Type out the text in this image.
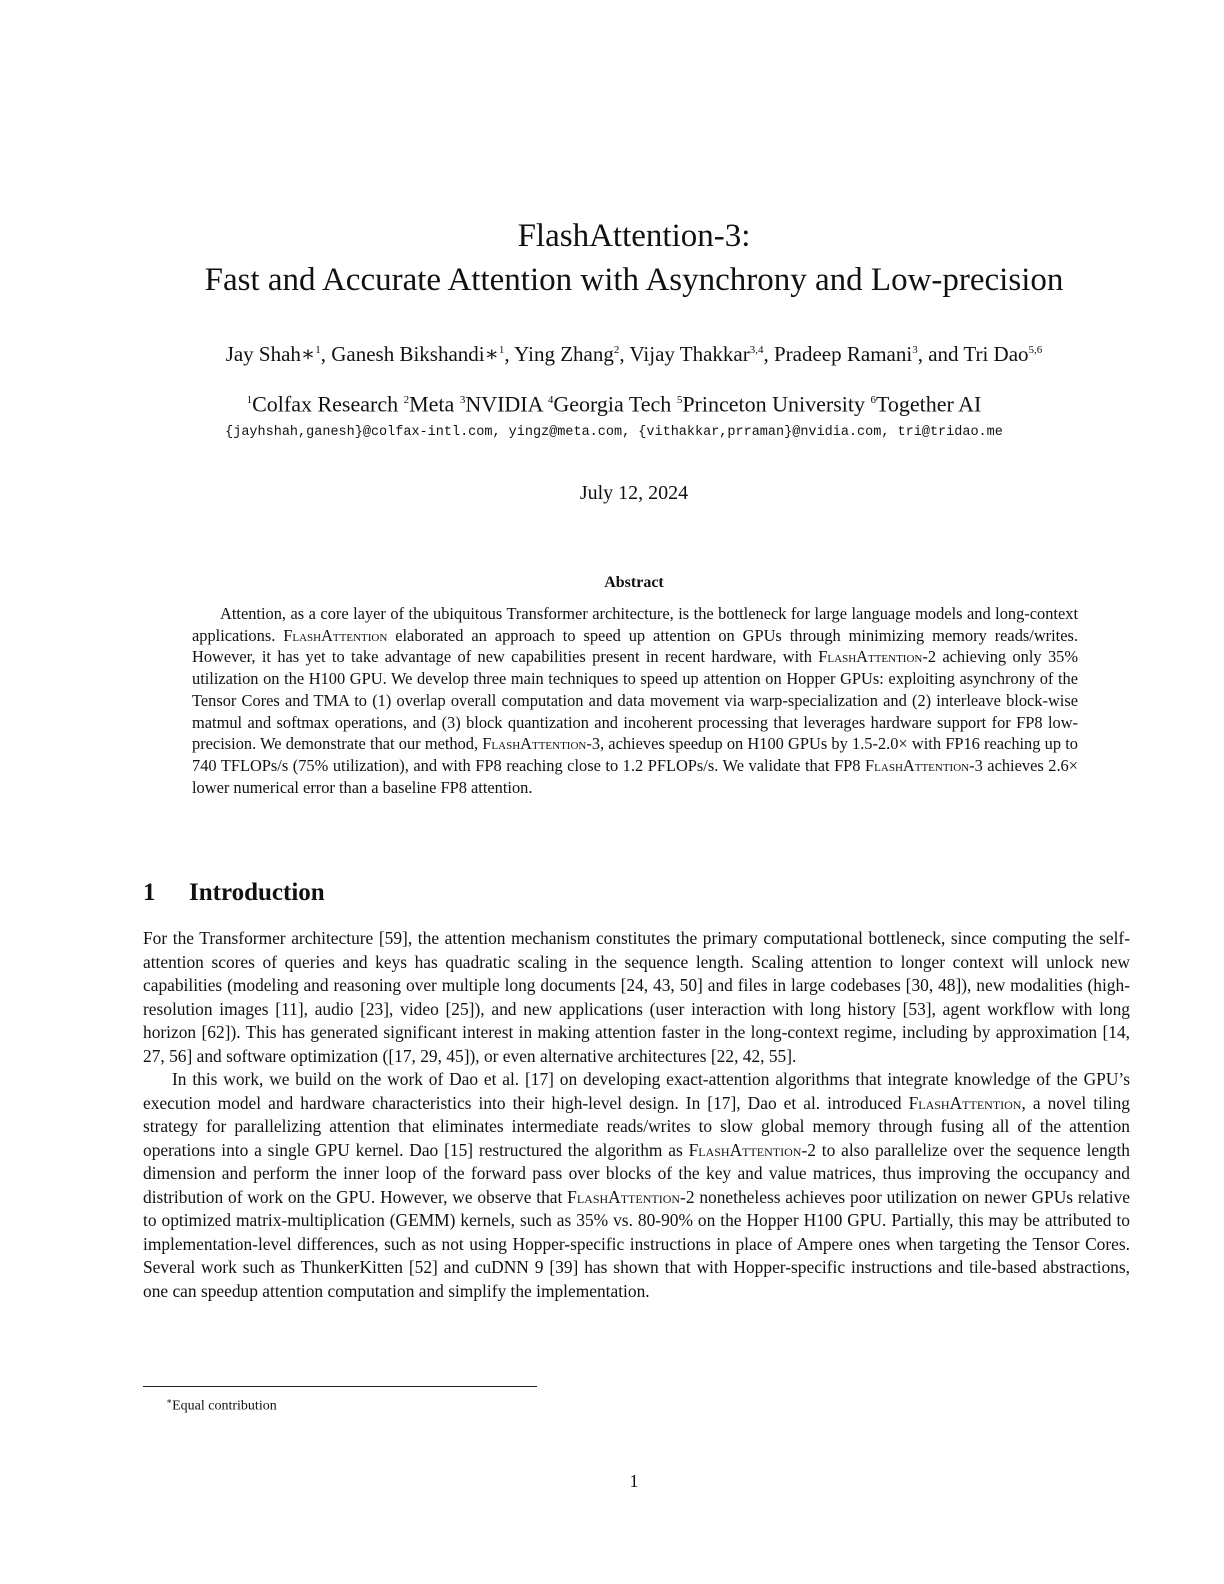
FlashAttention-3:
Fast and Accurate Attention with Asynchrony and Low-precision
Jay Shah∗$^1$, Ganesh Bikshandi∗$^1$, Ying Zhang$^2$, Vijay Thakkar$^{3,4}$, Pradeep Ramani$^3$, and Tri Dao$^{5,6}$
$^1$Colfax Research $^2$Meta $^3$NVIDIA $^4$Georgia Tech $^5$Princeton University $^6$Together AI
{jayhshah,ganesh}@colfax-intl.com, yingz@meta.com, {vithakkar,prraman}@nvidia.com, tri@tridao.me
July 12, 2024
Abstract

Attention, as a core layer of the ubiquitous Transformer architecture, is the bottleneck for large language models and long-context applications. FlashAttention elaborated an approach to speed up attention on GPUs through minimizing memory reads/writes. However, it has yet to take advantage of new capabilities present in recent hardware, with FlashAttention-2 achieving only 35% utilization on the H100 GPU. We develop three main techniques to speed up attention on Hopper GPUs: exploiting asynchrony of the Tensor Cores and TMA to (1) overlap overall computation and data movement via warp-specialization and (2) interleave block-wise matmul and softmax operations, and (3) block quantization and incoherent processing that leverages hardware support for FP8 low-precision. We demonstrate that our method, FlashAttention-3, achieves speedup on H100 GPUs by 1.5-2.0× with FP16 reaching up to 740 TFLOPs/s (75% utilization), and with FP8 reaching close to 1.2 PFLOPs/s. We validate that FP8 FlashAttention-3 achieves 2.6× lower numerical error than a baseline FP8 attention.

1 Introduction

For the Transformer architecture [59], the attention mechanism constitutes the primary computational bottleneck, since computing the self-attention scores of queries and keys has quadratic scaling in the sequence length. Scaling attention to longer context will unlock new capabilities (modeling and reasoning over multiple long documents [24, 43, 50] and files in large codebases [30, 48]), new modalities (high-resolution images [11], audio [23], video [25]), and new applications (user interaction with long history [53], agent workflow with long horizon [62]). This has generated significant interest in making attention faster in the long-context regime, including by approximation [14, 27, 56] and software optimization ([17, 29, 45]), or even alternative architectures [22, 42, 55].

In this work, we build on the work of Dao et al. [17] on developing exact-attention algorithms that integrate knowledge of the GPU’s execution model and hardware characteristics into their high-level design. In [17], Dao et al. introduced FlashAttention, a novel tiling strategy for parallelizing attention that eliminates intermediate reads/writes to slow global memory through fusing all of the attention operations into a single GPU kernel. Dao [15] restructured the algorithm as FlashAttention-2 to also parallelize over the sequence length dimension and perform the inner loop of the forward pass over blocks of the key and value matrices, thus improving the occupancy and distribution of work on the GPU. However, we observe that FlashAttention-2 nonetheless achieves poor utilization on newer GPUs relative to optimized matrix-multiplication (GEMM) kernels, such as 35% vs. 80-90% on the Hopper H100 GPU. Partially, this may be attributed to implementation-level differences, such as not using Hopper-specific instructions in place of Ampere ones when targeting the Tensor Cores. Several work such as ThunkerKitten [52] and cuDNN 9 [39] has shown that with Hopper-specific instructions and tile-based abstractions, one can speedup attention computation and simplify the implementation.

∗Equal contribution
1
